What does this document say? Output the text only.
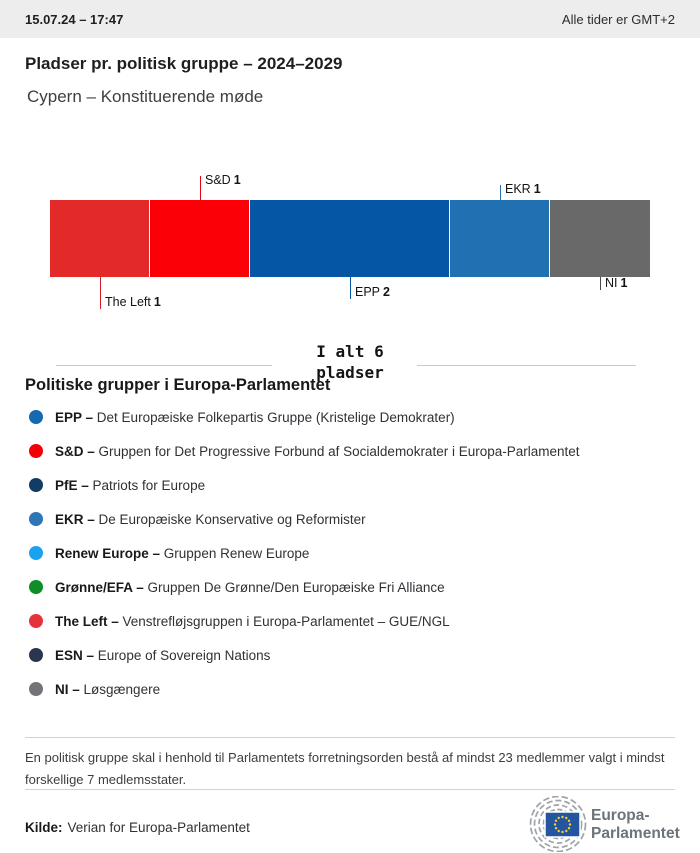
15.07.24 – 17:47	Alle tider er GMT+2
Pladser pr. politisk gruppe – 2024–2029
Cypern – Konstituerende møde
The Left 1
S&D 1
EPP 2
EKR 1
NI 1
I alt 6
pladser
Politiske grupper i Europa-Parlamentet
EPP – Det Europæiske Folkepartis Gruppe (Kristelige Demokrater)
S&D – Gruppen for Det Progressive Forbund af Socialdemokrater i Europa-Parlamentet
PfE – Patriots for Europe
EKR – De Europæiske Konservative og Reformister
Renew Europe – Gruppen Renew Europe
Grønne/EFA – Gruppen De Grønne/Den Europæiske Fri Alliance
The Left – Venstrefløjsgruppen i Europa-Parlamentet – GUE/NGL
ESN – Europe of Sovereign Nations
NI – Løsgængere
En politisk gruppe skal i henhold til Parlamentets forretningsorden bestå af mindst 23 medlemmer valgt i mindst
forskellige 7 medlemsstater.
Kilde: Verian for Europa-Parlamentet
Europa-
Parlamentet
